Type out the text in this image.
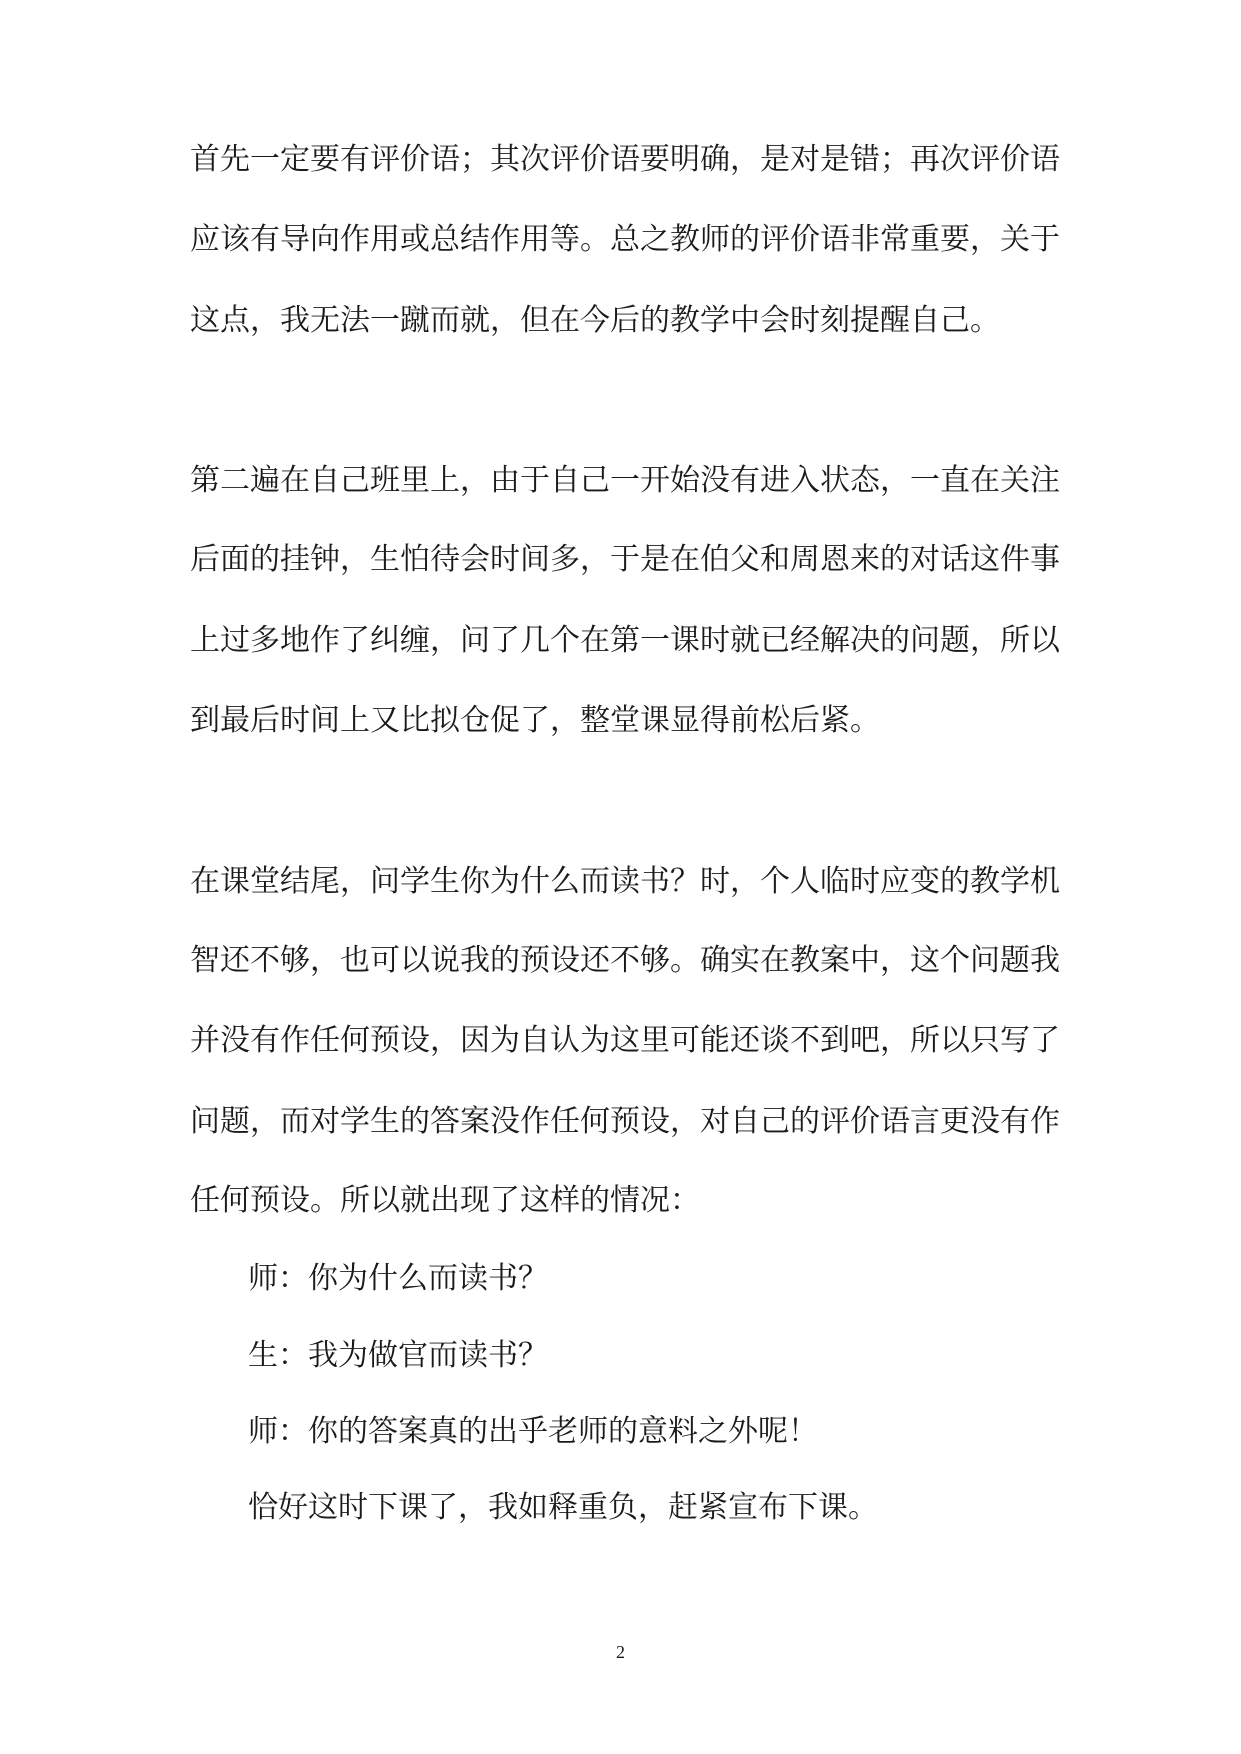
首先一定要有评价语；其次评价语要明确，是对是错；再次评价语
应该有导向作用或总结作用等。总之教师的评价语非常重要，关于
这点，我无法一蹴而就，但在今后的教学中会时刻提醒自己。
第二遍在自己班里上，由于自己一开始没有进入状态，一直在关注
后面的挂钟，生怕待会时间多，于是在伯父和周恩来的对话这件事
上过多地作了纠缠，问了几个在第一课时就已经解决的问题，所以
到最后时间上又比拟仓促了，整堂课显得前松后紧。
在课堂结尾，问学生你为什么而读书？时，个人临时应变的教学机
智还不够，也可以说我的预设还不够。确实在教案中，这个问题我
并没有作任何预设，因为自认为这里可能还谈不到吧，所以只写了
问题，而对学生的答案没作任何预设，对自己的评价语言更没有作
任何预设。所以就出现了这样的情况：
师：你为什么而读书？
生：我为做官而读书？
师：你的答案真的出乎老师的意料之外呢！
恰好这时下课了，我如释重负，赶紧宣布下课。
2
